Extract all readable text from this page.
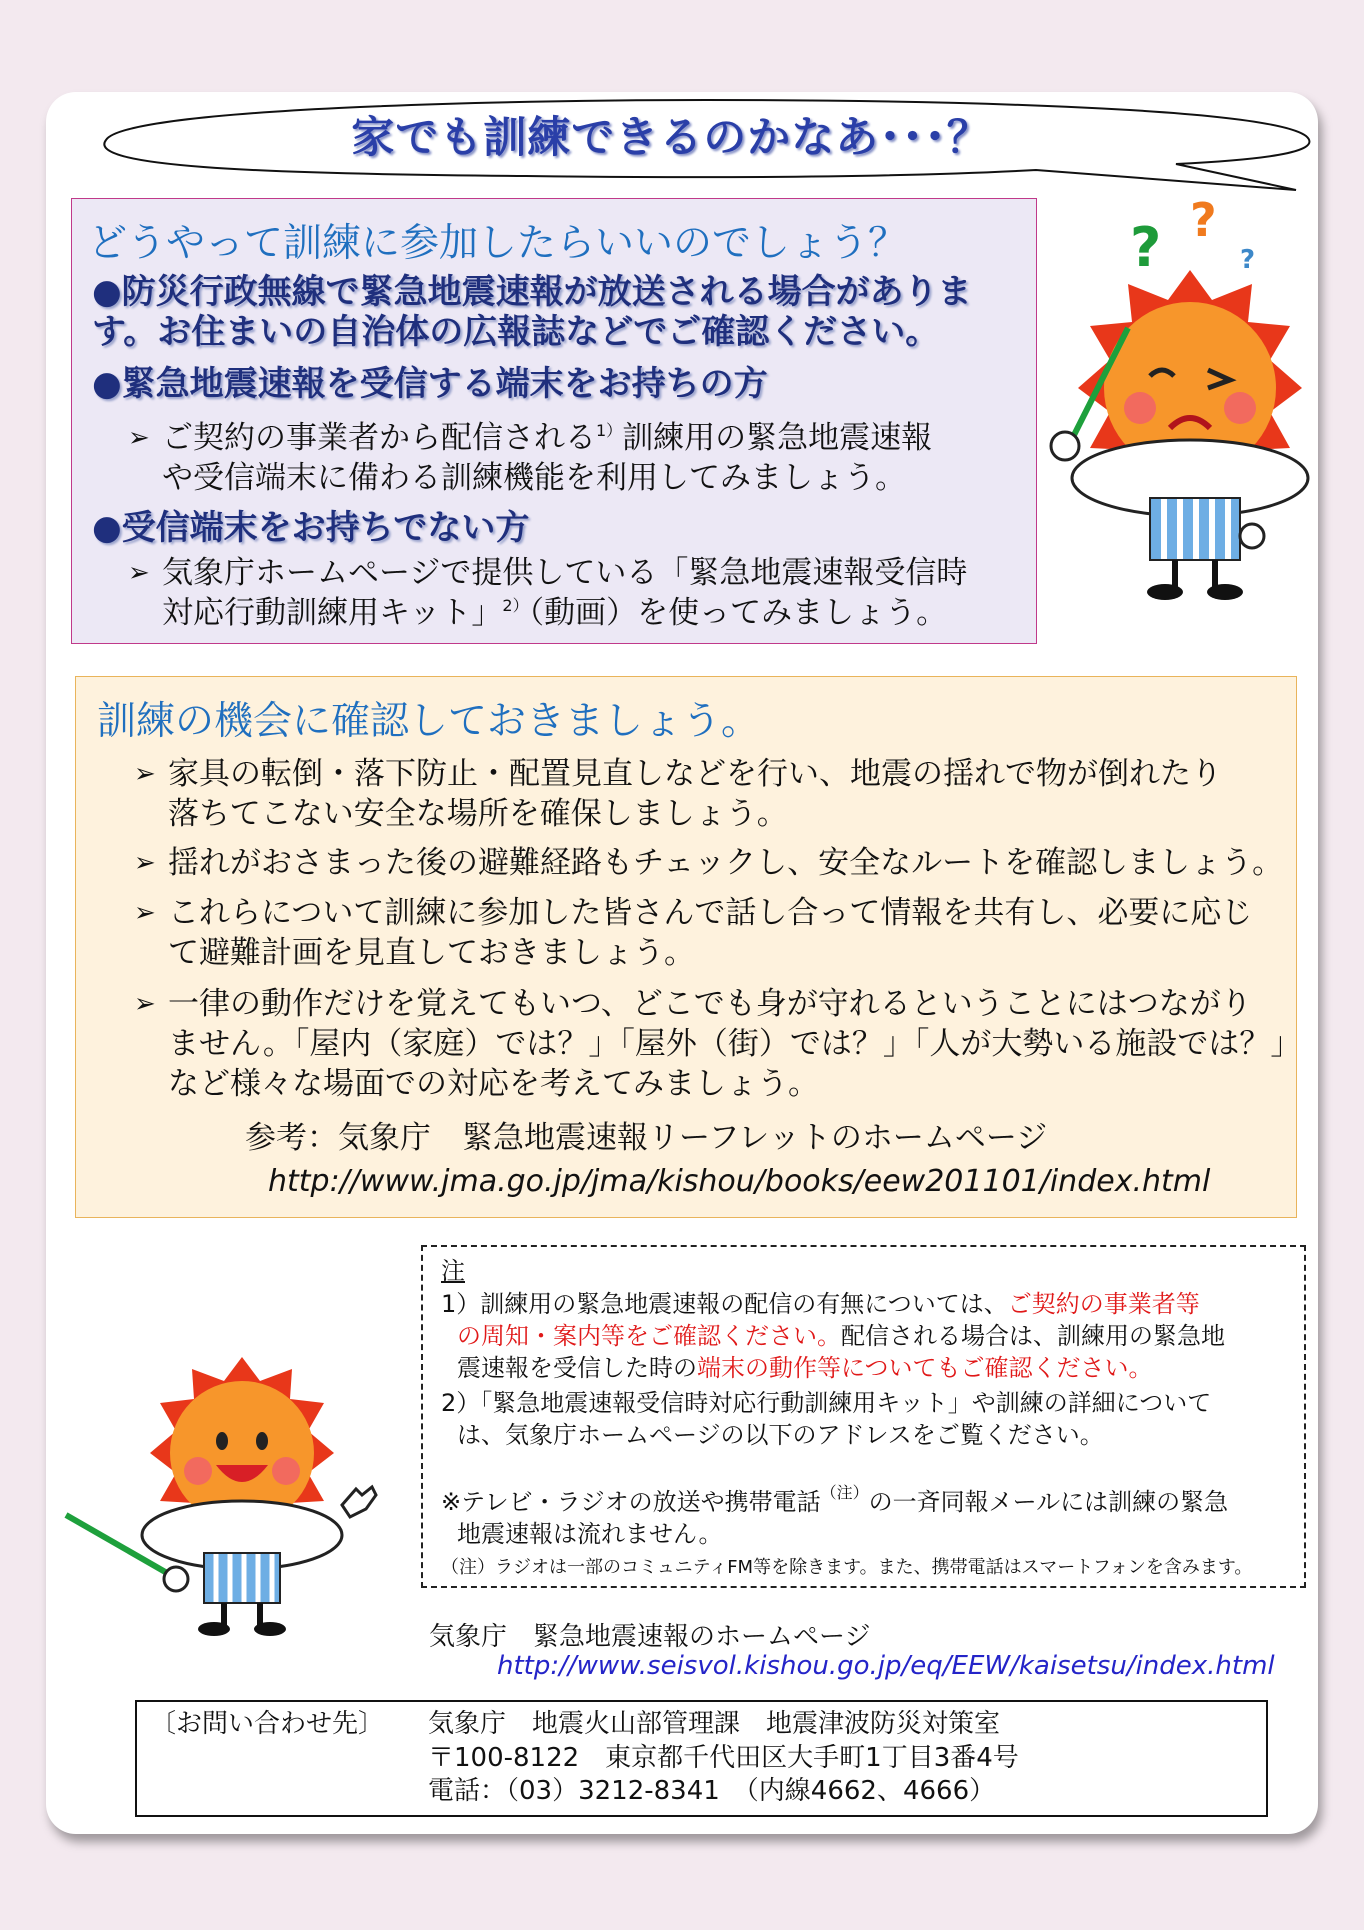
家でも訓練できるのかなあ･･･？
どうやって訓練に参加したらいいのでしょう？
●防災行政無線で緊急地震速報が放送される場合がありま
す。お住まいの自治体の広報誌などでご確認ください。
●緊急地震速報を受信する端末をお持ちの方
➢ ご契約の事業者から配信される$^{1)}$訓練用の緊急地震速報
や受信端末に備わる訓練機能を利用してみましょう。
●受信端末をお持ちでない方
➢ 気象庁ホームページで提供している「緊急地震速報受信時
対応行動訓練用キット」$^{2)}$（動画）を使ってみましょう。
? ?
?
訓練の機会に確認しておきましょう。
➢ 家具の転倒・落下防止・配置見直しなどを行い、地震の揺れで物が倒れたり
落ちてこない安全な場所を確保しましょう。
➢ 揺れがおさまった後の避難経路もチェックし、安全なルートを確認しましょう。
➢ これらについて訓練に参加した皆さんで話し合って情報を共有し、必要に応じ
て避難計画を見直しておきましょう。
➢ 一律の動作だけを覚えてもいつ、どこでも身が守れるということにはつながり
ません。「屋内（家庭）では？」「屋外（街）では？」「人が大勢いる施設では？」
など様々な場面での対応を考えてみましょう。
参考：気象庁　緊急地震速報リーフレットのホームページ
http://www.jma.go.jp/jma/kishou/books/eew201101/index.html
注
1）訓練用の緊急地震速報の配信の有無については、ご契約の事業者等
の周知・案内等をご確認ください。配信される場合は、訓練用の緊急地
震速報を受信した時の端末の動作等についてもご確認ください。
2）「緊急地震速報受信時対応行動訓練用キット」や訓練の詳細について
は、気象庁ホームページの以下のアドレスをご覧ください。
※テレビ・ラジオの放送や携帯電話$^{(注)}$の一斉同報メールには訓練の緊急
地震速報は流れません。
（注）ラジオは一部のコミュニティFM等を除きます。また、携帯電話はスマートフォンを含みます。
気象庁　緊急地震速報のホームページ
http://www.seisvol.kishou.go.jp/eq/EEW/kaisetsu/index.html
〔お問い合わせ先〕 気象庁　地震火山部管理課　地震津波防災対策室
〒100-8122　東京都千代田区大手町1丁目3番4号
電話：（03）3212-8341　（内線4662、4666）
